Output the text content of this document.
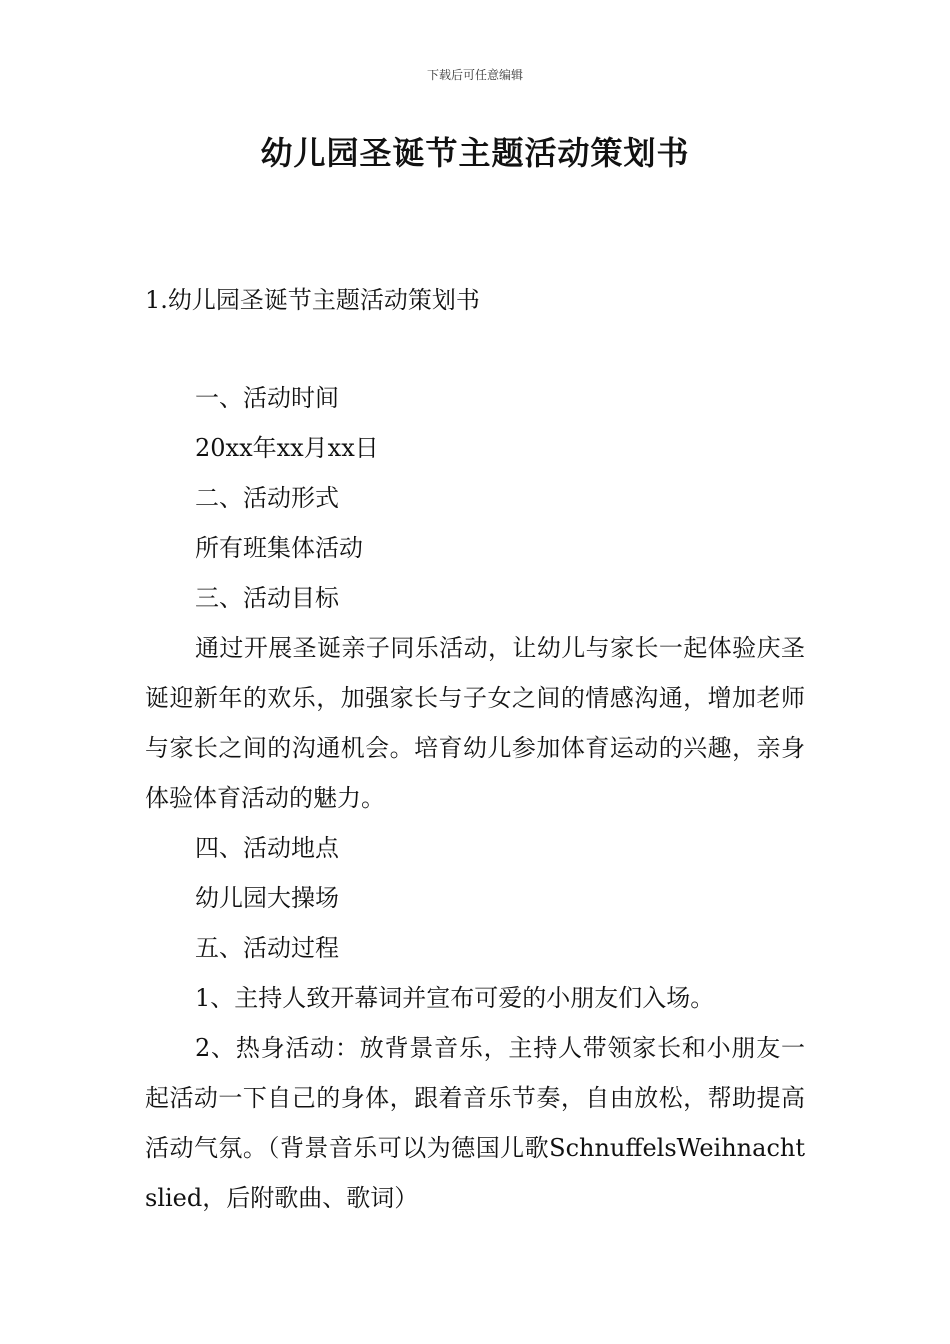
下载后可任意编辑
幼儿园圣诞节主题活动策划书
1.幼儿园圣诞节主题活动策划书
一、活动时间
20xx年xx月xx日
二、活动形式
所有班集体活动
三、活动目标

通过开展圣诞亲子同乐活动，让幼儿与家长一起体验庆圣诞迎新年的欢乐，加强家长与子女之间的情感沟通，增加老师与家长之间的沟通机会。培育幼儿参加体育运动的兴趣，亲身体验体育活动的魅力。

四、活动地点
幼儿园大操场
五、活动过程
1、主持人致开幕词并宣布可爱的小朋友们入场。

2、热身活动：放背景音乐，主持人带领家长和小朋友一起活动一下自己的身体，跟着音乐节奏，自由放松，帮助提高活动气氛。（背景音乐可以为德国儿歌SchnuffelsWeihnachtslied，后附歌曲、歌词）
